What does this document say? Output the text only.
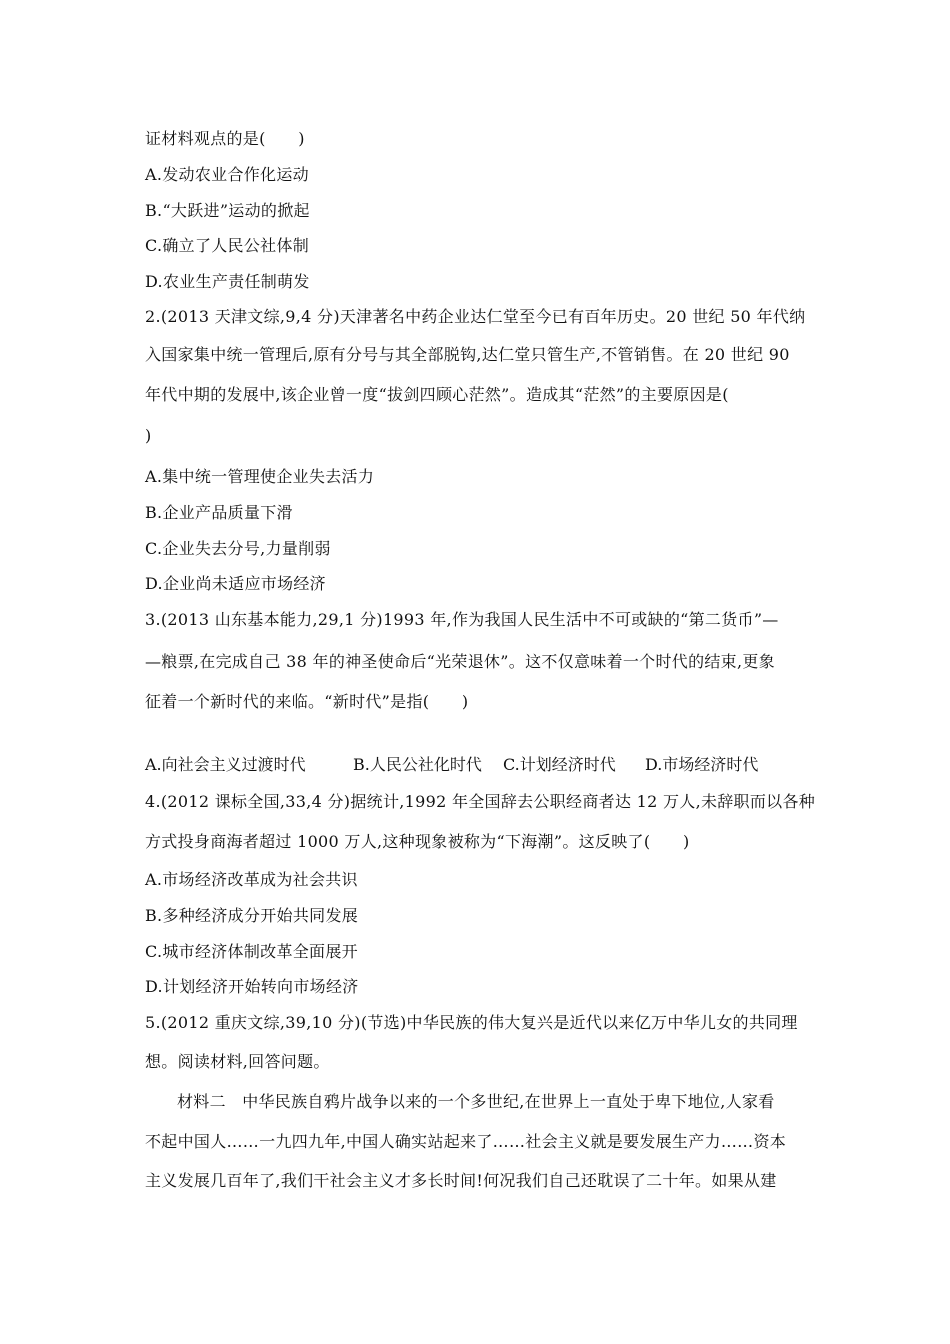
证材料观点的是(　　)
A.发动农业合作化运动
B.“大跃进”运动的掀起
C.确立了人民公社体制
D.农业生产责任制萌发
2.(2013 天津文综,9,4 分)天津著名中药企业达仁堂至今已有百年历史。20 世纪 50 年代纳
入国家集中统一管理后,原有分号与其全部脱钩,达仁堂只管生产,不管销售。在 20 世纪 90
年代中期的发展中,该企业曾一度“拔剑四顾心茫然”。造成其“茫然”的主要原因是(
)
A.集中统一管理使企业失去活力
B.企业产品质量下滑
C.企业失去分号,力量削弱
D.企业尚未适应市场经济
3.(2013 山东基本能力,29,1 分)1993 年,作为我国人民生活中不可或缺的“第二货币”—
—粮票,在完成自己 38 年的神圣使命后“光荣退休”。这不仅意味着一个时代的结束,更象
征着一个新时代的来临。“新时代”是指(　　)
A.向社会主义过渡时代	B.人民公社化时代 C.计划经济时代 D.市场经济时代
4.(2012 课标全国,33,4 分)据统计,1992 年全国辞去公职经商者达 12 万人,未辞职而以各种
方式投身商海者超过 1000 万人,这种现象被称为“下海潮”。这反映了(　　)
A.市场经济改革成为社会共识
B.多种经济成分开始共同发展
C.城市经济体制改革全面展开
D.计划经济开始转向市场经济
5.(2012 重庆文综,39,10 分)(节选)中华民族的伟大复兴是近代以来亿万中华儿女的共同理
想。阅读材料,回答问题。
材料二　中华民族自鸦片战争以来的一个多世纪,在世界上一直处于卑下地位,人家看
不起中国人……一九四九年,中国人确实站起来了……社会主义就是要发展生产力……资本
主义发展几百年了,我们干社会主义才多长时间!何况我们自己还耽误了二十年。如果从建
